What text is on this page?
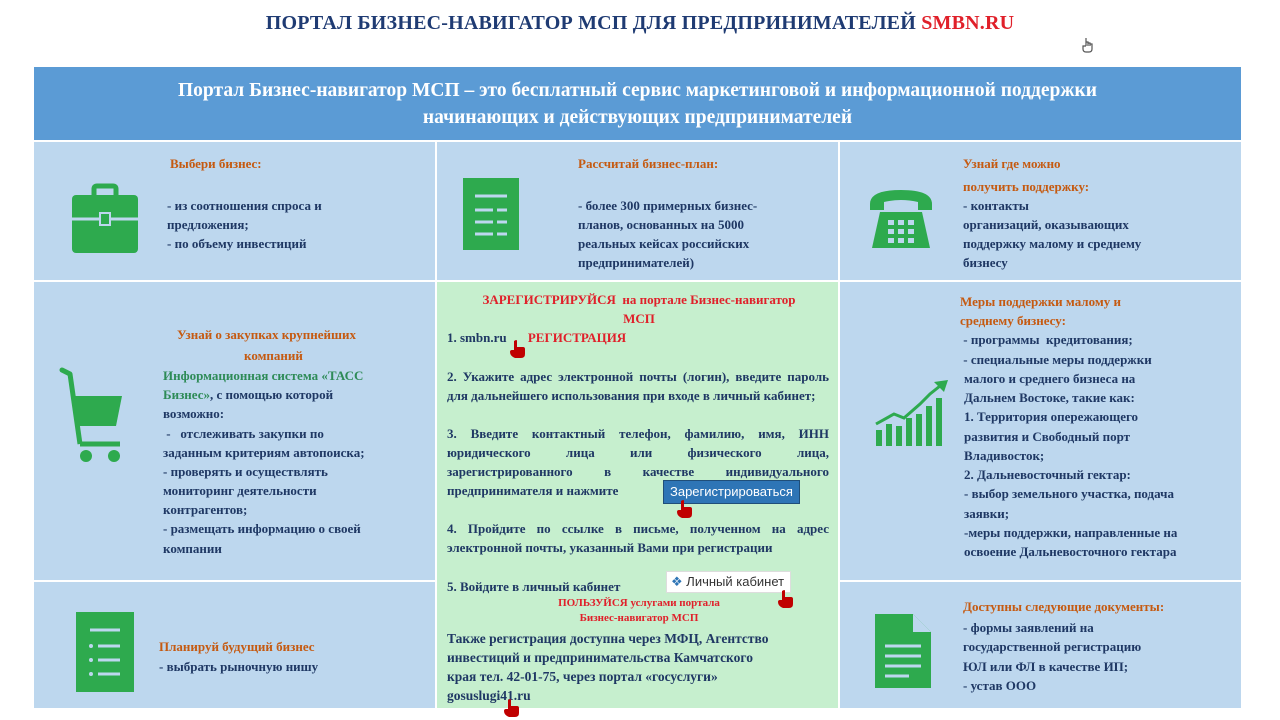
ПОРТАЛ БИЗНЕС-НАВИГАТОР МСП ДЛЯ ПРЕДПРИНИМАТЕЛЕЙ SMBN.RU
Портал Бизнес-навигатор МСП – это бесплатный сервис маркетинговой и информационной поддержки
начинающих и действующих предпринимателей
Выбери бизнес:
- из соотношения спроса и
предложения;
- по объему инвестиций
Рассчитай бизнес-план:
- более 300 примерных бизнес-
планов, основанных на 5000
реальных кейсах российских
предпринимателей)
Узнай где можно
получить поддержку:
- контакты
организаций, оказывающих
поддержку малому и среднему
бизнесу
Узнай о закупках крупнейших
компаний
Информационная система «ТАСС
Бизнес», с помощью которой
возможно:
-   отслеживать закупки по
заданным критериям автопоиска;
- проверять и осуществлять
мониторинг деятельности
контрагентов;
- размещать информацию о своей
компании
ЗАРЕГИСТРИРУЙСЯ  на портале Бизнес-навигатор
МСП
1. smbn.ru РЕГИСТРАЦИЯ
2. Укажите адрес электронной почты (логин), введите пароль для дальнейшего использования при входе в личный кабинет;
3. Введите контактный телефон, фамилию, имя, ИНН юридического лица или физического лица, зарегистрированного в качестве индивидуального предпринимателя и нажмите	Зарегистрироваться
4. Пройдите по ссылке в письме, полученном на адрес электронной почты, указанный Вами при регистрации
5. Войдите в личный кабинет	❖ Личный кабинет
ПОЛЬЗУЙСЯ услугами портала
Бизнес-навигатор МСП
Также регистрация доступна через МФЦ, Агентство
инвестиций и предпринимательства Камчатского
края тел. 42-01-75, через портал «госуслуги»
gosuslugi41.ru
Меры поддержки малому и
среднему бизнесу:
- программы  кредитования;
- специальные меры поддержки
малого и среднего бизнеса на
Дальнем Востоке, такие как:
1. Территория опережающего
развития и Свободный порт
Владивосток;
2. Дальневосточный гектар:
- выбор земельного участка, подача
заявки;
-меры поддержки, направленные на
освоение Дальневосточного гектара
Планируй будущий бизнес
- выбрать рыночную нишу
Доступны следующие документы:
- формы заявлений на
государственной регистрацию
ЮЛ или ФЛ в качестве ИП;
- устав ООО
